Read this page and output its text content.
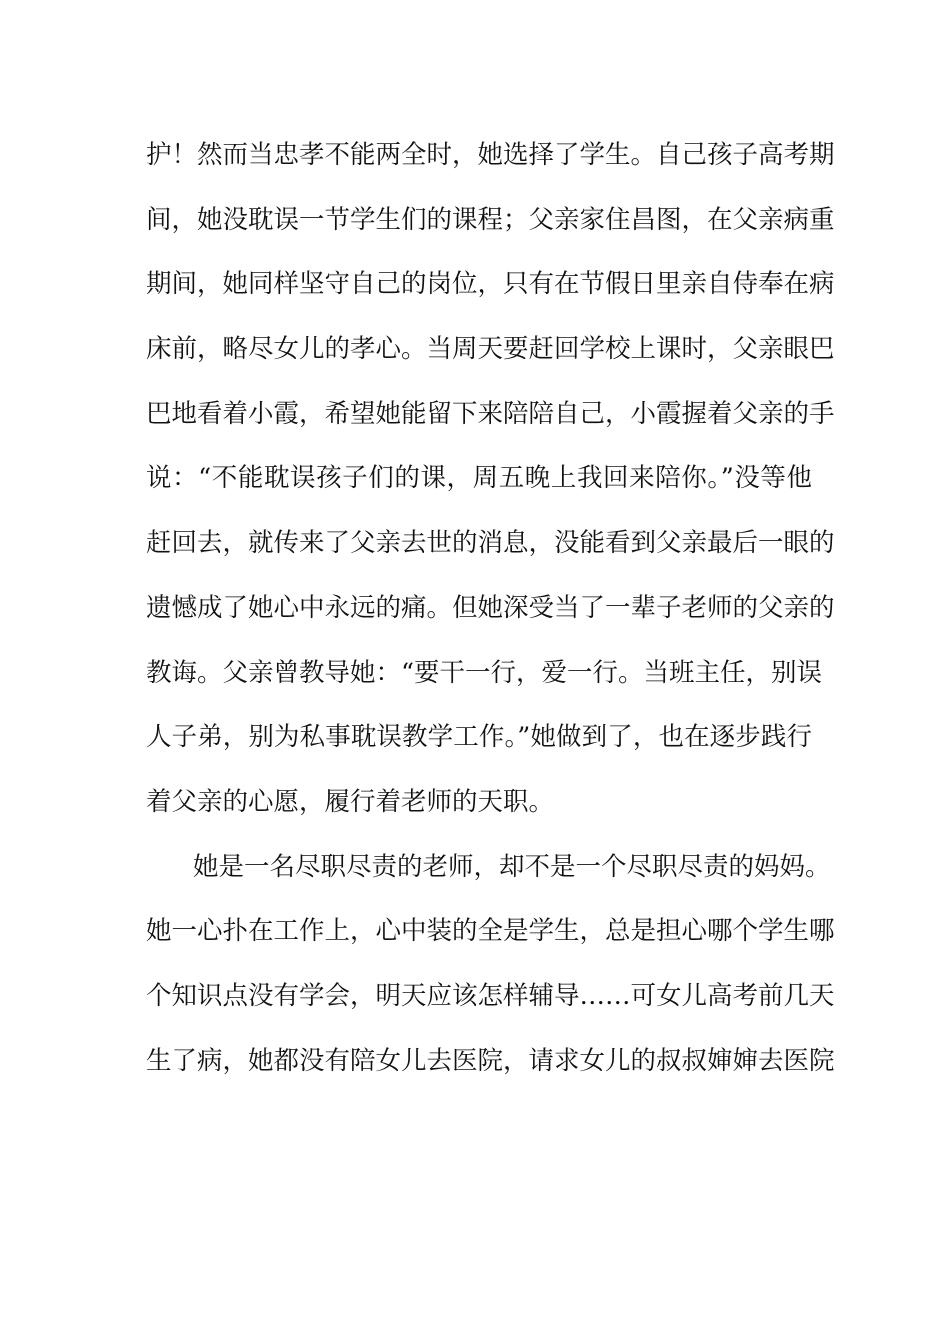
护！然而当忠孝不能两全时，她选择了学生。自己孩子高考期
间，她没耽误一节学生们的课程；父亲家住昌图，在父亲病重
期间，她同样坚守自己的岗位，只有在节假日里亲自侍奉在病
床前，略尽女儿的孝心。当周天要赶回学校上课时，父亲眼巴
巴地看着小霞，希望她能留下来陪陪自己，小霞握着父亲的手
说：“不能耽误孩子们的课，周五晚上我回来陪你。”没等他
赶回去，就传来了父亲去世的消息，没能看到父亲最后一眼的
遗憾成了她心中永远的痛。但她深受当了一辈子老师的父亲的
教诲。父亲曾教导她：“要干一行，爱一行。当班主任，别误
人子弟，别为私事耽误教学工作。”她做到了，也在逐步践行
着父亲的心愿，履行着老师的天职。
她是一名尽职尽责的老师，却不是一个尽职尽责的妈妈。
她一心扑在工作上，心中装的全是学生，总是担心哪个学生哪
个知识点没有学会，明天应该怎样辅导……可女儿高考前几天
生了病，她都没有陪女儿去医院，请求女儿的叔叔婶婶去医院
